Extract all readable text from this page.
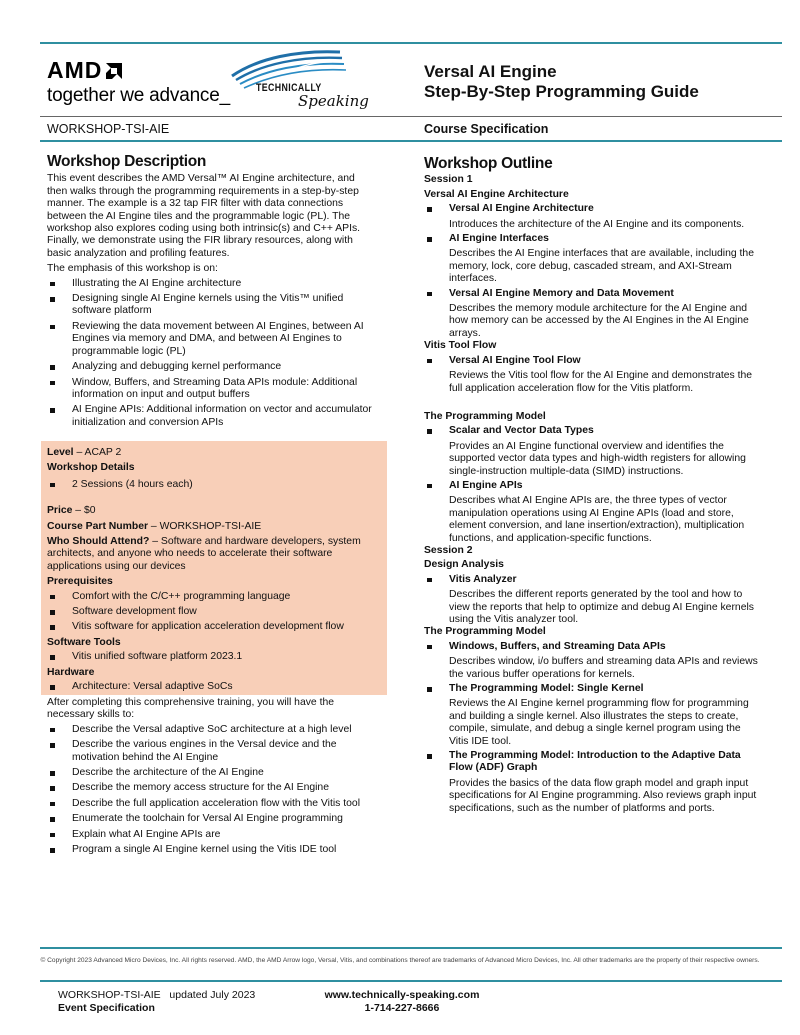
AMD
together we advance_ TECHNICALLY
Speaking
Versal AI Engine
Step-By-Step Programming Guide
WORKSHOP-TSI-AIE	Course Specification
Workshop Description

This event describes the AMD Versal™ AI Engine architecture, and then walks through the programming requirements in a step-by-step manner. The example is a 32 tap FIR filter with data connections between the AI Engine tiles and the programmable logic (PL). The workshop also explores coding using both intrinsic(s) and C++ APIs. Finally, we demonstrate using the FIR library resources, along with basic analyzation and profiling features.

The emphasis of this workshop is on:

Illustrating the AI Engine architecture
Designing single AI Engine kernels using the Vitis™ unified software platform
Reviewing the data movement between AI Engines, between AI Engines via memory and DMA, and between AI Engines to programmable logic (PL)
Analyzing and debugging kernel performance
Window, Buffers, and Streaming Data APIs module: Additional information on input and output buffers
AI Engine APIs: Additional information on vector and accumulator initialization and conversion APIs

Level – ACAP 2

Workshop Details

2 Sessions (4 hours each)

Price – $0

Course Part Number – WORKSHOP-TSI-AIE

Who Should Attend? – Software and hardware developers, system architects, and anyone who needs to accelerate their software applications using our devices

Prerequisites

Comfort with the C/C++ programming language
Software development flow
Vitis software for application acceleration development flow

Software Tools

Vitis unified software platform 2023.1

Hardware

Architecture: Versal adaptive SoCs

After completing this comprehensive training, you will have the necessary skills to:

Describe the Versal adaptive SoC architecture at a high level
Describe the various engines in the Versal device and the motivation behind the AI Engine
Describe the architecture of the AI Engine
Describe the memory access structure for the AI Engine
Describe the full application acceleration flow with the Vitis tool
Enumerate the toolchain for Versal AI Engine programming
Explain what AI Engine APIs are
Program a single AI Engine kernel using the Vitis IDE tool
Workshop Outline

Session 1

Versal AI Engine Architecture

Versal AI Engine Architecture

Introduces the architecture of the AI Engine and its components.

AI Engine Interfaces

Describes the AI Engine interfaces that are available, including the memory, lock, core debug, cascaded stream, and AXI-Stream interfaces.

Versal AI Engine Memory and Data Movement

Describes the memory module architecture for the AI Engine and how memory can be accessed by the AI Engines in the AI Engine arrays.

Vitis Tool Flow

Versal AI Engine Tool Flow

Reviews the Vitis tool flow for the AI Engine and demonstrates the full application acceleration flow for the Vitis platform.

The Programming Model

Scalar and Vector Data Types

Provides an AI Engine functional overview and identifies the supported vector data types and high-width registers for allowing single-instruction multiple-data (SIMD) instructions.

AI Engine APIs

Describes what AI Engine APIs are, the three types of vector manipulation operations using AI Engine APIs (load and store, element conversion, and lane insertion/extraction), multiplication functions, and application-specific functions.

Session 2

Design Analysis

Vitis Analyzer

Describes the different reports generated by the tool and how to view the reports that help to optimize and debug AI Engine kernels using the Vitis analyzer tool.

The Programming Model

Windows, Buffers, and Streaming Data APIs

Describes window, i/o buffers and streaming data APIs and reviews the various buffer operations for kernels.

The Programming Model: Single Kernel

Reviews the AI Engine kernel programming flow for programming and building a single kernel. Also illustrates the steps to create, compile, simulate, and debug a single kernel program using the Vitis IDE tool.

The Programming Model: Introduction to the Adaptive Data Flow (ADF) Graph

Provides the basics of the data flow graph model and graph input specifications for AI Engine programming. Also reviews graph input specifications, such as the number of platforms and ports.

© Copyright 2023 Advanced Micro Devices, Inc. All rights reserved. AMD, the AMD Arrow logo, Versal, Vitis, and combinations thereof are trademarks of Advanced Micro Devices, Inc. All other trademarks are the property of their respective owners.
WORKSHOP-TSI-AIE   updated July 2023
Event Specification
www.technically-speaking.com
1-714-227-8666
